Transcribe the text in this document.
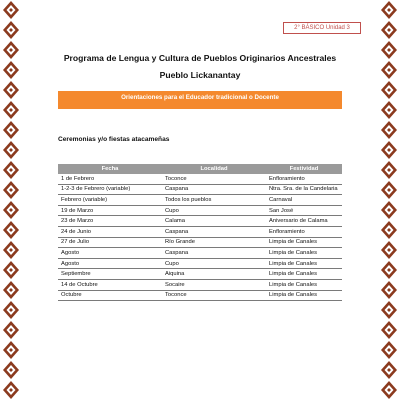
2° BÁSICO Unidad 3
Programa de Lengua y Cultura de Pueblos Originarios Ancestrales
Pueblo Lickanantay
Orientaciones para el Educador tradicional o Docente
Ceremonias y/o fiestas atacameñas
Fecha	Localidad	Festividad
1 de Febrero	Toconce	Enfloramiento
1-2-3 de Febrero (variable)	Caspana	Ntra. Sra. de la Candelaria
Febrero (variable)	Todos los pueblos	Carnaval
19 de Marzo	Cupo	San José
23 de Marzo	Calama	Aniversario de Calama
24 de Junio	Caspana	Enfloramiento
27 de Julio	Río Grande	Limpia de Canales
Agosto	Caspana	Limpia de Canales
Agosto	Cupo	Limpia de Canales
Septiembre	Aiquina	Limpia de Canales
14 de Octubre	Socaire	Limpia de Canales
Octubre	Toconce	Limpia de Canales
